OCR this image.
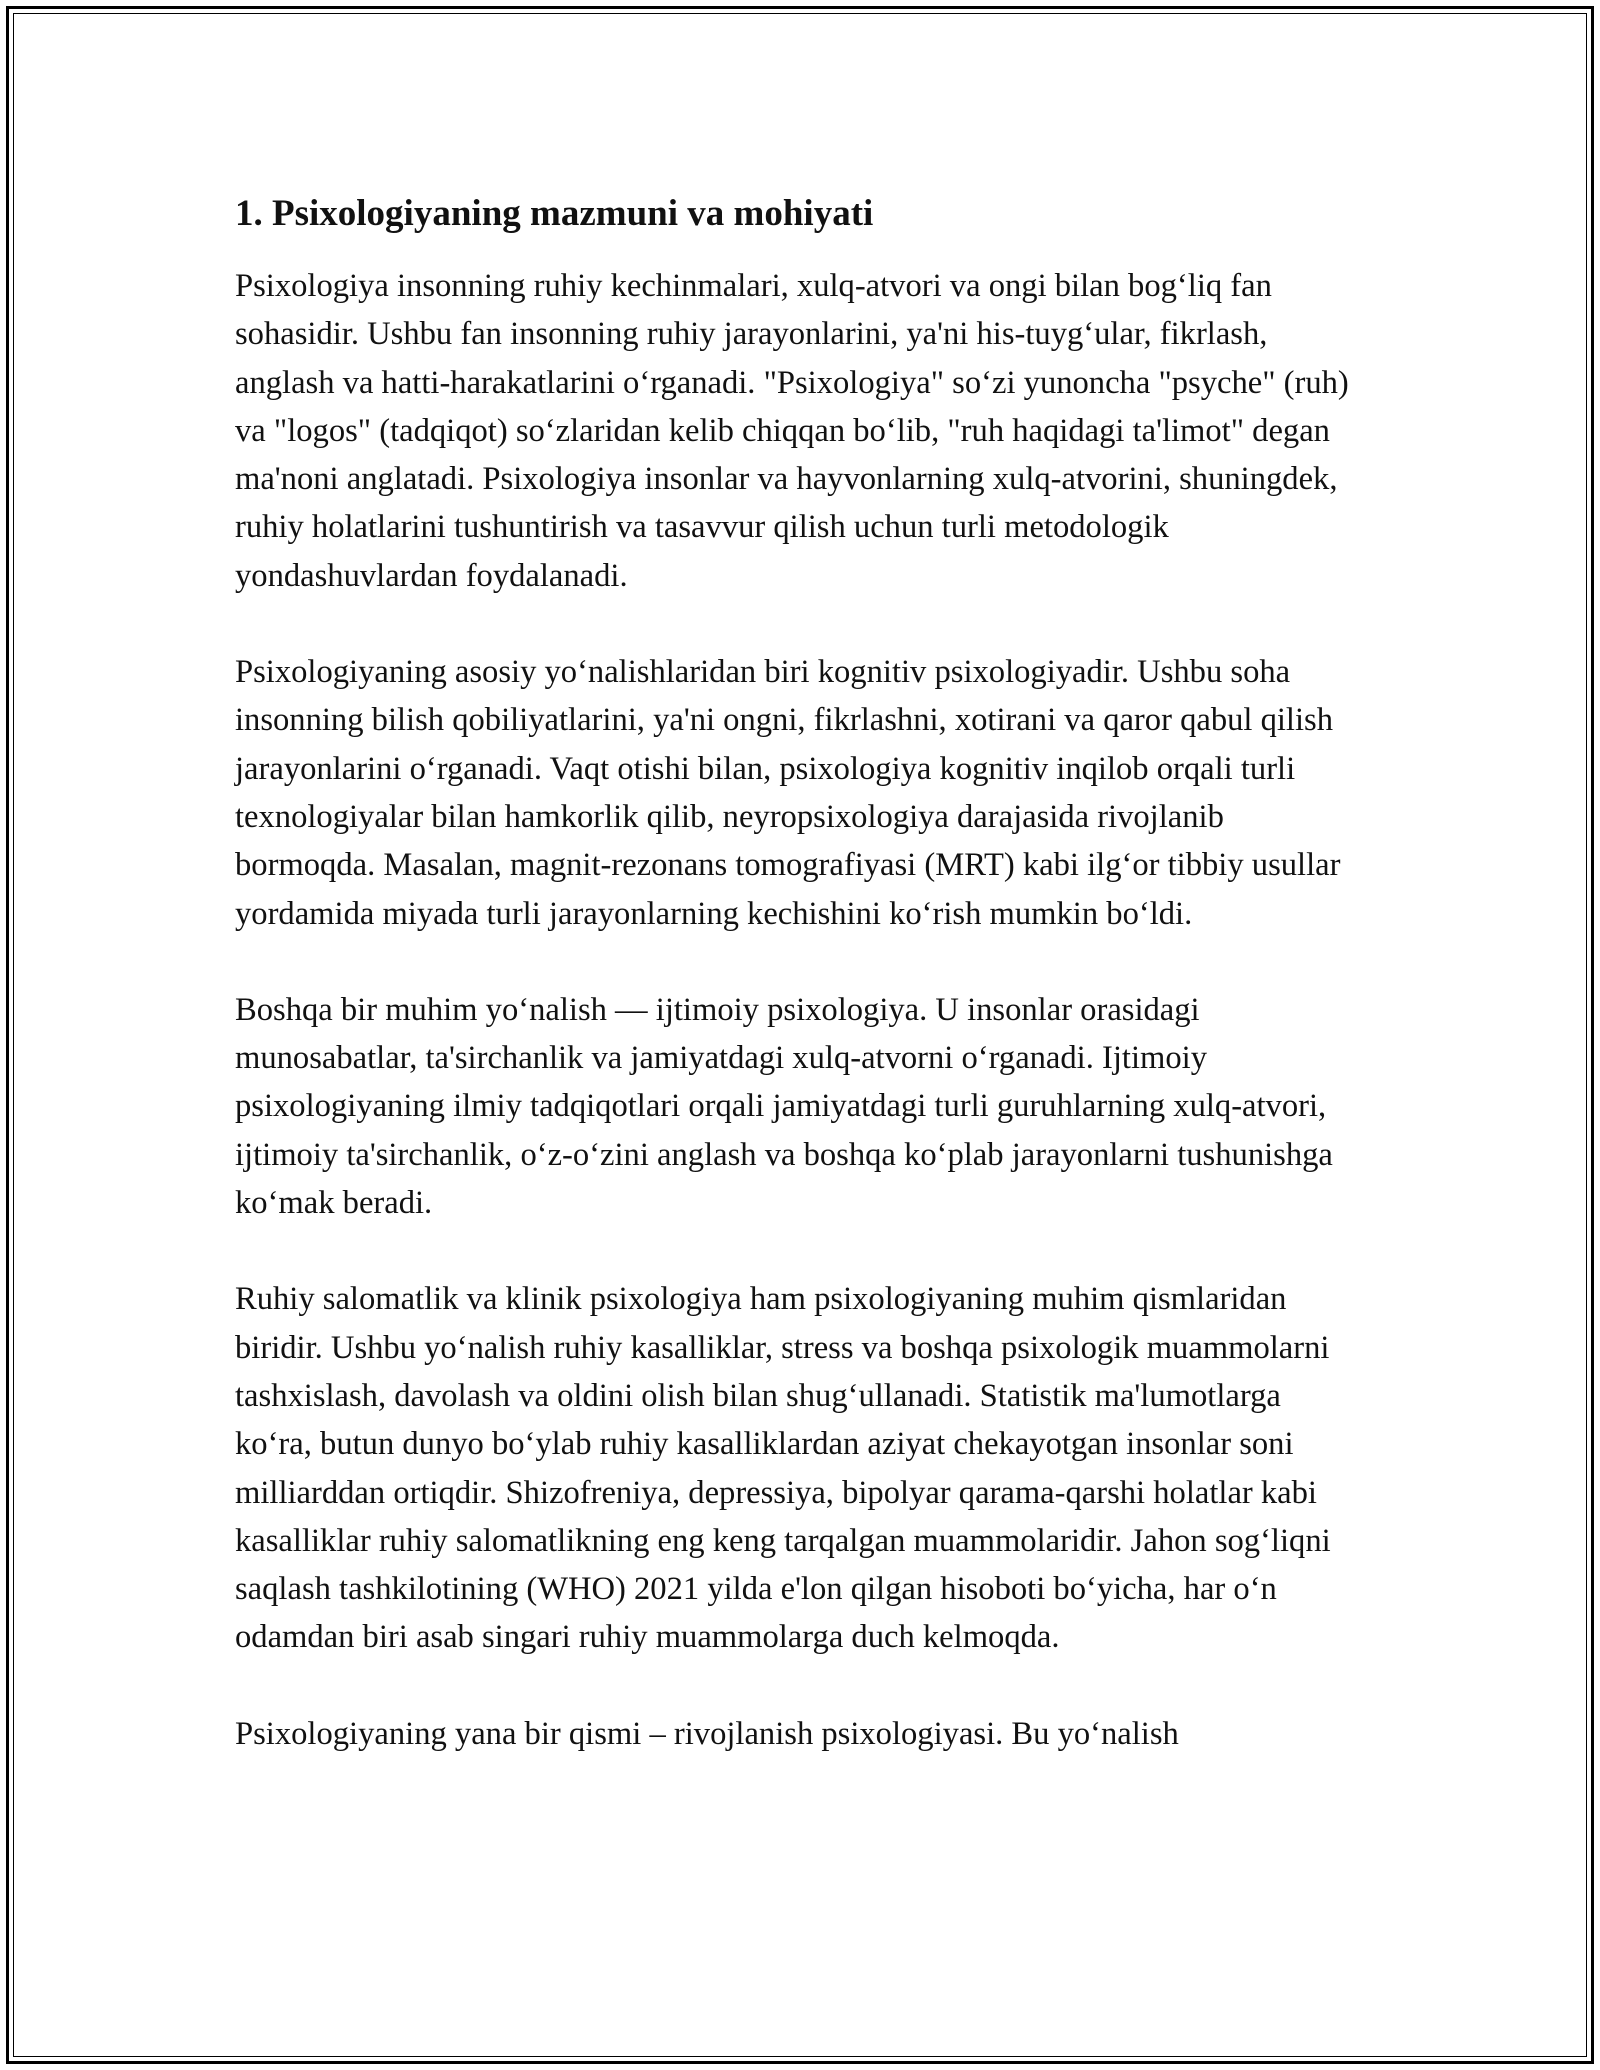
1. Psixologiyaning mazmuni va mohiyati

Psixologiya insonning ruhiy kechinmalari, xulq-atvori va ongi bilan bog‘liq fan sohasidir. Ushbu fan insonning ruhiy jarayonlarini, ya'ni his-tuyg‘ular, fikrlash, anglash va hatti-harakatlarini o‘rganadi. "Psixologiya" so‘zi yunoncha "psyche" (ruh) va "logos" (tadqiqot) so‘zlaridan kelib chiqqan bo‘lib, "ruh haqidagi ta'limot" degan ma'noni anglatadi. Psixologiya insonlar va hayvonlarning xulq-atvorini, shuningdek, ruhiy holatlarini tushuntirish va tasavvur qilish uchun turli metodologik yondashuvlardan foydalanadi.

Psixologiyaning asosiy yo‘nalishlaridan biri kognitiv psixologiyadir. Ushbu soha insonning bilish qobiliyatlarini, ya'ni ongni, fikrlashni, xotirani va qaror qabul qilish jarayonlarini o‘rganadi. Vaqt otishi bilan, psixologiya kognitiv inqilob orqali turli texnologiyalar bilan hamkorlik qilib, neyropsixologiya darajasida rivojlanib bormoqda. Masalan, magnit-rezonans tomografiyasi (MRT) kabi ilg‘or tibbiy usullar yordamida miyada turli jarayonlarning kechishini ko‘rish mumkin bo‘ldi.

Boshqa bir muhim yo‘nalish — ijtimoiy psixologiya. U insonlar orasidagi munosabatlar, ta'sirchanlik va jamiyatdagi xulq-atvorni o‘rganadi. Ijtimoiy psixologiyaning ilmiy tadqiqotlari orqali jamiyatdagi turli guruhlarning xulq-atvori, ijtimoiy ta'sirchanlik, o‘z-o‘zini anglash va boshqa ko‘plab jarayonlarni tushunishga ko‘mak beradi.

Ruhiy salomatlik va klinik psixologiya ham psixologiyaning muhim qismlaridan biridir. Ushbu yo‘nalish ruhiy kasalliklar, stress va boshqa psixologik muammolarni tashxislash, davolash va oldini olish bilan shug‘ullanadi. Statistik ma'lumotlarga ko‘ra, butun dunyo bo‘ylab ruhiy kasalliklardan aziyat chekayotgan insonlar soni milliarddan ortiqdir. Shizofreniya, depressiya, bipolyar qarama-qarshi holatlar kabi kasalliklar ruhiy salomatlikning eng keng tarqalgan muammolaridir. Jahon sog‘liqni saqlash tashkilotining (WHO) 2021 yilda e'lon qilgan hisoboti bo‘yicha, har o‘n odamdan biri asab singari ruhiy muammolarga duch kelmoqda.

Psixologiyaning yana bir qismi – rivojlanish psixologiyasi. Bu yo‘nalish
